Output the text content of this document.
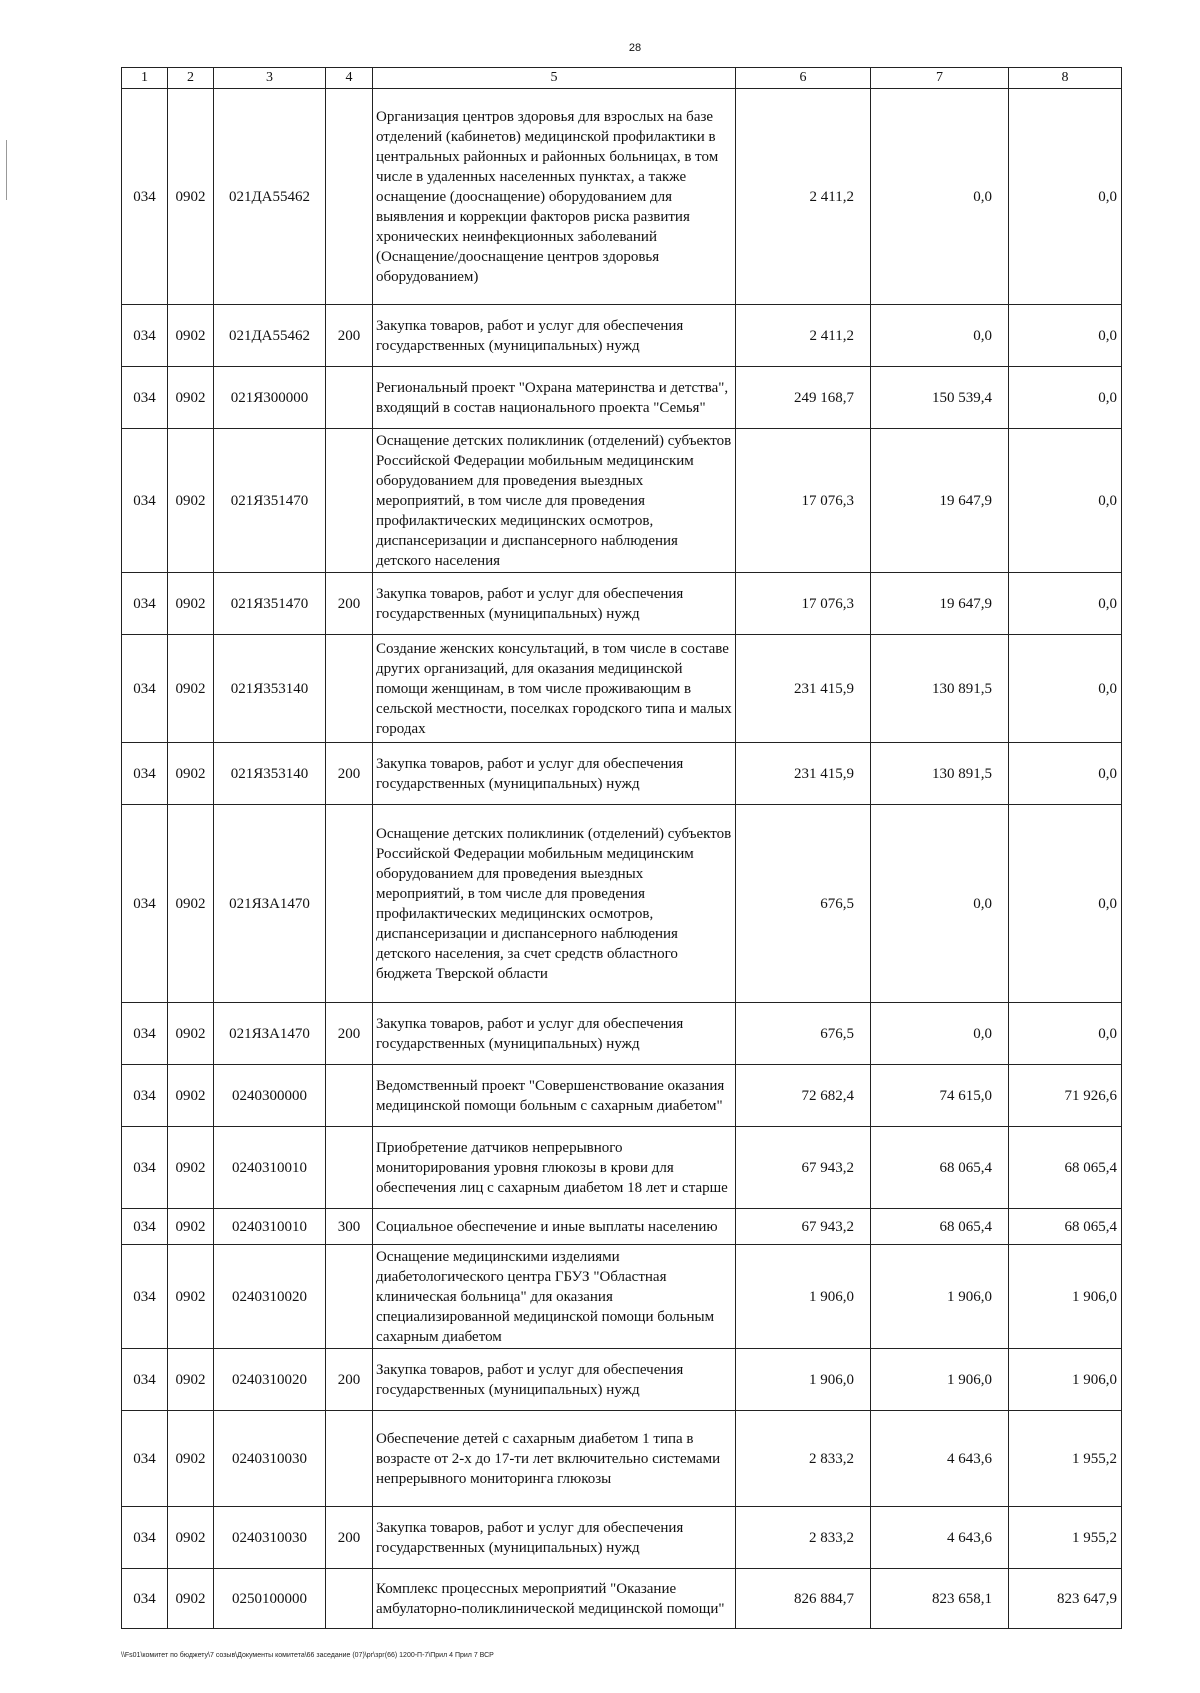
28
1	2	3	4	5	6	7	8
034	0902	021ДА55462		Организация центров здоровья для взрослых на базе отделений (кабинетов) медицинской профилактики в центральных районных и районных больницах, в том числе в удаленных населенных пунктах, а также оснащение (дооснащение) оборудованием для выявления и коррекции факторов риска развития хронических неинфекционных заболеваний (Оснащение/дооснащение центров здоровья оборудованием)	2 411,2	0,0	0,0
034	0902	021ДА55462	200	Закупка товаров, работ и услуг для обеспечения государственных (муниципальных) нужд	2 411,2	0,0	0,0
034	0902	021Я300000		Региональный проект "Охрана материнства и детства", входящий в состав национального проекта "Семья"	249 168,7	150 539,4	0,0
034	0902	021Я351470		Оснащение детских поликлиник (отделений) субъектов Российской Федерации мобильным медицинским оборудованием для проведения выездных мероприятий, в том числе для проведения профилактических медицинских осмотров, диспансеризации и диспансерного наблюдения детского населения	17 076,3	19 647,9	0,0
034	0902	021Я351470	200	Закупка товаров, работ и услуг для обеспечения государственных (муниципальных) нужд	17 076,3	19 647,9	0,0
034	0902	021Я353140		Создание женских консультаций, в том числе в составе других организаций, для оказания медицинской помощи женщинам, в том числе проживающим в сельской местности, поселках городского типа и малых городах	231 415,9	130 891,5	0,0
034	0902	021Я353140	200	Закупка товаров, работ и услуг для обеспечения государственных (муниципальных) нужд	231 415,9	130 891,5	0,0
034	0902	021ЯЗА1470		Оснащение детских поликлиник (отделений) субъектов Российской Федерации мобильным медицинским оборудованием для проведения выездных мероприятий, в том числе для проведения профилактических медицинских осмотров, диспансеризации и диспансерного наблюдения детского населения, за счет средств областного бюджета Тверской области	676,5	0,0	0,0
034	0902	021ЯЗА1470	200	Закупка товаров, работ и услуг для обеспечения государственных (муниципальных) нужд	676,5	0,0	0,0
034	0902	0240300000		Ведомственный проект "Совершенствование оказания медицинской помощи больным с сахарным диабетом"	72 682,4	74 615,0	71 926,6
034	0902	0240310010		Приобретение датчиков непрерывного мониторирования уровня глюкозы в крови для обеспечения лиц с сахарным диабетом 18 лет и старше	67 943,2	68 065,4	68 065,4
034	0902	0240310010	300	Социальное обеспечение и иные выплаты населению	67 943,2	68 065,4	68 065,4
034	0902	0240310020		Оснащение медицинскими изделиями диабетологического центра ГБУЗ "Областная клиническая больница" для оказания специализированной медицинской помощи больным сахарным диабетом	1 906,0	1 906,0	1 906,0
034	0902	0240310020	200	Закупка товаров, работ и услуг для обеспечения государственных (муниципальных) нужд	1 906,0	1 906,0	1 906,0
034	0902	0240310030		Обеспечение детей с сахарным диабетом 1 типа в возрасте от 2-х до 17-ти лет включительно системами непрерывного мониторинга глюкозы	2 833,2	4 643,6	1 955,2
034	0902	0240310030	200	Закупка товаров, работ и услуг для обеспечения государственных (муниципальных) нужд	2 833,2	4 643,6	1 955,2
034	0902	0250100000		Комплекс процессных мероприятий "Оказание амбулаторно-поликлинической медицинской помощи"	826 884,7	823 658,1	823 647,9
\\Fs01\комитет по бюджету\7 созыв\Документы комитета\66 заседание (07)\рг\зрг(66) 1200-П-7\Прил 4 Прил 7 ВСР
